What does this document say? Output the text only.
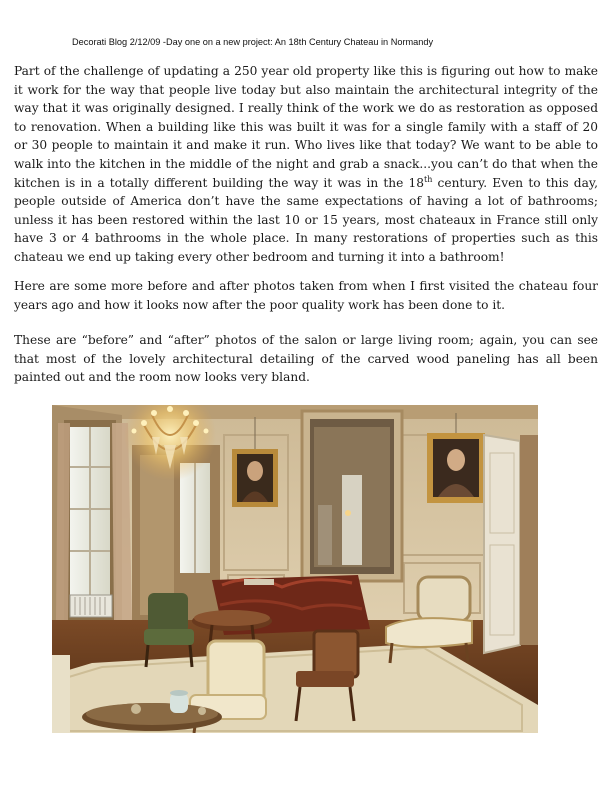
Decorati Blog 2/12/09 -Day one on a new project: An 18th Century Chateau in Normandy

Part of the challenge of updating a 250 year old property like this is figuring out how to make it work for the way that people live today but also maintain the architectural integrity of the way that it was originally designed. I really think of the work we do as restoration as opposed to renovation. When a building like this was built it was for a single family with a staff of 20 or 30 people to maintain it and make it run. Who lives like that today? We want to be able to walk into the kitchen in the middle of the night and grab a snack...you can’t do that when the kitchen is in a totally different building the way it was in the 18th century. Even to this day, people outside of America don’t have the same expectations of having a lot of bathrooms; unless it has been restored within the last 10 or 15 years, most chateaux in France still only have 3 or 4 bathrooms in the whole place. In many restorations of properties such as this chateau we end up taking every other bedroom and turning it into a bathroom!

Here are some more before and after photos taken from when I first visited the chateau four years ago and how it looks now after the poor quality work has been done to it.

These are “before” and “after” photos of the salon or large living room; again, you can see that most of the lovely architectural detailing of the carved wood paneling has all been painted out and the room now looks very bland.
